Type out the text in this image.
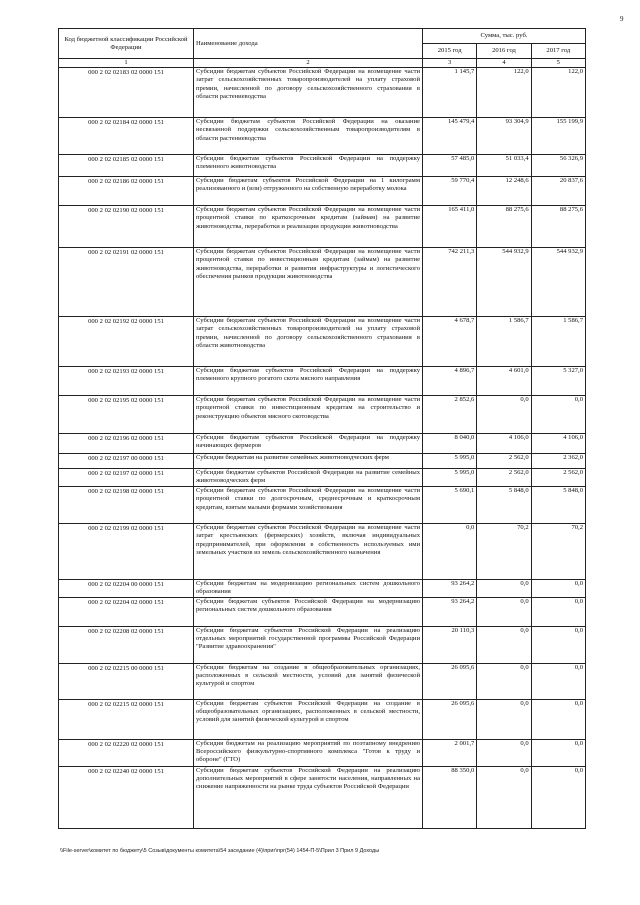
9
Код бюджетной классификации Российской Федерации	Наименование дохода	Сумма, тыс. руб.		
		2015 год	2016 год	2017 год
1	2	3	4	5
000 2 02 02183 02 0000 151	Субсидии бюджетам субъектов Российской Федерации на возмещение части затрат сельскохозяйственных товаропроизводителей на уплату страховой премии, начисленной по договору сельскохозяйственного страхования в области растениеводства	1 145,7	122,0	122,0
000 2 02 02184 02 0000 151	Субсидии бюджетам субъектов Российской Федерации на оказание несвязанной поддержки сельскохозяйственным товаропроизводителям в области растениеводства	145 479,4	93 304,9	155 199,9
000 2 02 02185 02 0000 151	Субсидии бюджетам субъектов Российской Федерации на поддержку племенного животноводства	57 485,0	51 033,4	56 326,9
000 2 02 02186 02 0000 151	Субсидии бюджетам субъектов Российской Федерации на 1 килограмм реализованного и (или) отгруженного на собственную переработку молока	59 770,4	12 248,6	20 837,6
000 2 02 02190 02 0000 151	Субсидии бюджетам субъектов Российской Федерации на возмещение части процентной ставки по краткосрочным кредитам (займам) на развитие животноводства, переработки и реализации продукции животноводства	165 411,0	88 275,6	88 275,6
000 2 02 02191 02 0000 151	Субсидии бюджетам субъектов Российской Федерации на возмещение части процентной ставки по инвестиционным кредитам (займам) на развитие животноводства, переработки и развития инфраструктуры и логистического обеспечения рынков продукции животноводства	742 211,3	544 932,9	544 932,9
000 2 02 02192 02 0000 151	Субсидии бюджетам субъектов Российской Федерации на возмещение части затрат сельскохозяйственных товаропроизводителей на уплату страховой премии, начисленной по договору сельскохозяйственного страхования в области животноводства	4 678,7	1 586,7	1 586,7
000 2 02 02193 02 0000 151	Субсидии бюджетам субъектов Российской Федерации на поддержку племенного крупного рогатого скота мясного направления	4 896,7	4 601,0	5 327,0
000 2 02 02195 02 0000 151	Субсидии бюджетам субъектов Российской Федерации на возмещение части процентной ставки по инвестиционным кредитам на строительство и реконструкцию объектов мясного скотоводства	2 852,6	0,0	0,0
000 2 02 02196 02 0000 151	Субсидии бюджетам субъектов Российской Федерации на поддержку начинающих фермеров	8 040,0	4 106,0	4 106,0
000 2 02 02197 00 0000 151	Субсидии бюджетам на развитие семейных животноводческих ферм	5 995,0	2 562,0	2 362,0
000 2 02 02197 02 0000 151	Субсидии бюджетам субъектов Российской Федерации на развитие семейных животноводческих ферм	5 995,0	2 562,0	2 562,0
000 2 02 02198 02 0000 151	Субсидии бюджетам субъектов Российской Федерации на возмещение части процентной ставки по долгосрочным, среднесрочным и краткосрочным кредитам, взятым малыми формами хозяйствования	5 690,1	5 848,0	5 848,0
000 2 02 02199 02 0000 151	Субсидии бюджетам субъектов Российской Федерации на возмещение части затрат крестьянских (фермерских) хозяйств, включая индивидуальных предпринимателей, при оформлении в собственность используемых ими земельных участков из земель сельскохозяйственного назначения	0,0	70,2	70,2
000 2 02 02204 00 0000 151	Субсидии бюджетам на модернизацию региональных систем дошкольного образования	93 264,2	0,0	0,0
000 2 02 02204 02 0000 151	Субсидии бюджетам субъектов Российской Федерации на модернизацию региональных систем дошкольного образования	93 264,2	0,0	0,0
000 2 02 02208 02 0000 151	Субсидии бюджетам субъектов Российской Федерации на реализацию отдельных мероприятий государственной программы Российской Федерации "Развитие здравоохранения"	20 110,3	0,0	0,0
000 2 02 02215 00 0000 151	Субсидии бюджетам на создание в общеобразовательных организациях, расположенных в сельской местности, условий для занятий физической культурой и спортом	26 095,6	0,0	0,0
000 2 02 02215 02 0000 151	Субсидии бюджетам субъектов Российской Федерации на создание в общеобразовательных организациях, расположенных в сельской местности, условий для занятий физической культурой и спортом	26 095,6	0,0	0,0
000 2 02 02220 02 0000 151	Субсидия бюджетам на реализацию мероприятий по поэтапному внедрению Всероссийского физкультурно-спортивного комплекса "Готов к труду и обороне" (ГТО)	2 001,7	0,0	0,0
000 2 02 02240 02 0000 151	Субсидии бюджетам субъектов Российской Федерации на реализацию дополнительных мероприятий в сфере занятости населения, направленных на снижение напряженности на рынке труда субъектов Российской Федерации	88 350,0	0,0	0,0
\\File-server\комитет по бюджету\5 Созыв\документы комитета\54 заседание (4)\приг\прг(54) 1454-П-5\Прил 3 Прил 9 Доходы
